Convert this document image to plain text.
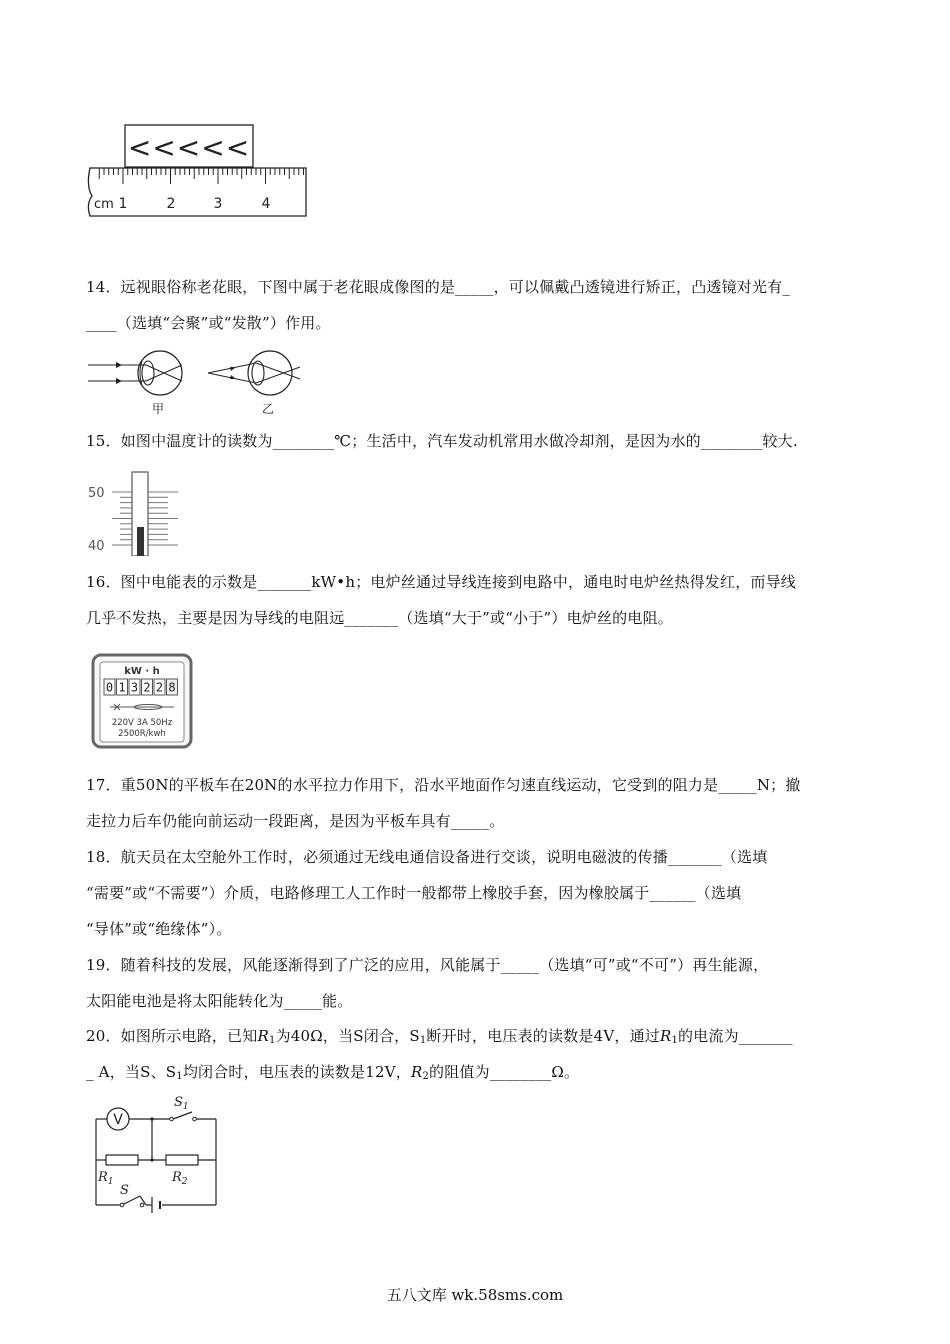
<<<<<
cm 1	2	3	4
14．远视眼俗称老花眼，下图中属于老花眼成像图的是_____，可以佩戴凸透镜进行矫正，凸透镜对光有_
____（选填“会聚”或“发散”）作用。
甲	乙
15．如图中温度计的读数为________℃；生活中，汽车发动机常用水做冷却剂，是因为水的________较大.
50
40
16．图中电能表的示数是_______kW•h；电炉丝通过导线连接到电路中，通电时电炉丝热得发红，而导线
几乎不发热，主要是因为导线的电阻远_______（选填“大于”或“小于”）电炉丝的电阻。
kW · h
0 1 3 2 2 8
220V 3A 50Hz
2500R/kwh
17．重50N的平板车在20N的水平拉力作用下，沿水平地面作匀速直线运动，它受到的阻力是_____N；撤
走拉力后车仍能向前运动一段距离，是因为平板车具有_____。
18．航天员在太空舱外工作时，必须通过无线电通信设备进行交谈，说明电磁波的传播_______（选填
“需要”或“不需要”）介质，电路修理工人工作时一般都带上橡胶手套，因为橡胶属于______（选填
“导体”或“绝缘体”）。
19．随着科技的发展，风能逐渐得到了广泛的应用，风能属于_____（选填“可”或“不可”）再生能源，
太阳能电池是将太阳能转化为_____能。
20．如图所示电路，已知$R_1$为40Ω，当S闭合，$S_1$断开时，电压表的读数是4V，通过$R_1$的电流为_______
_ A，当S、$S_1$均闭合时，电压表的读数是12V，$R_2$的阻值为________Ω。
V
$S_1$
$R_1$	$R_2$
S
五八文库 wk.58sms.com
